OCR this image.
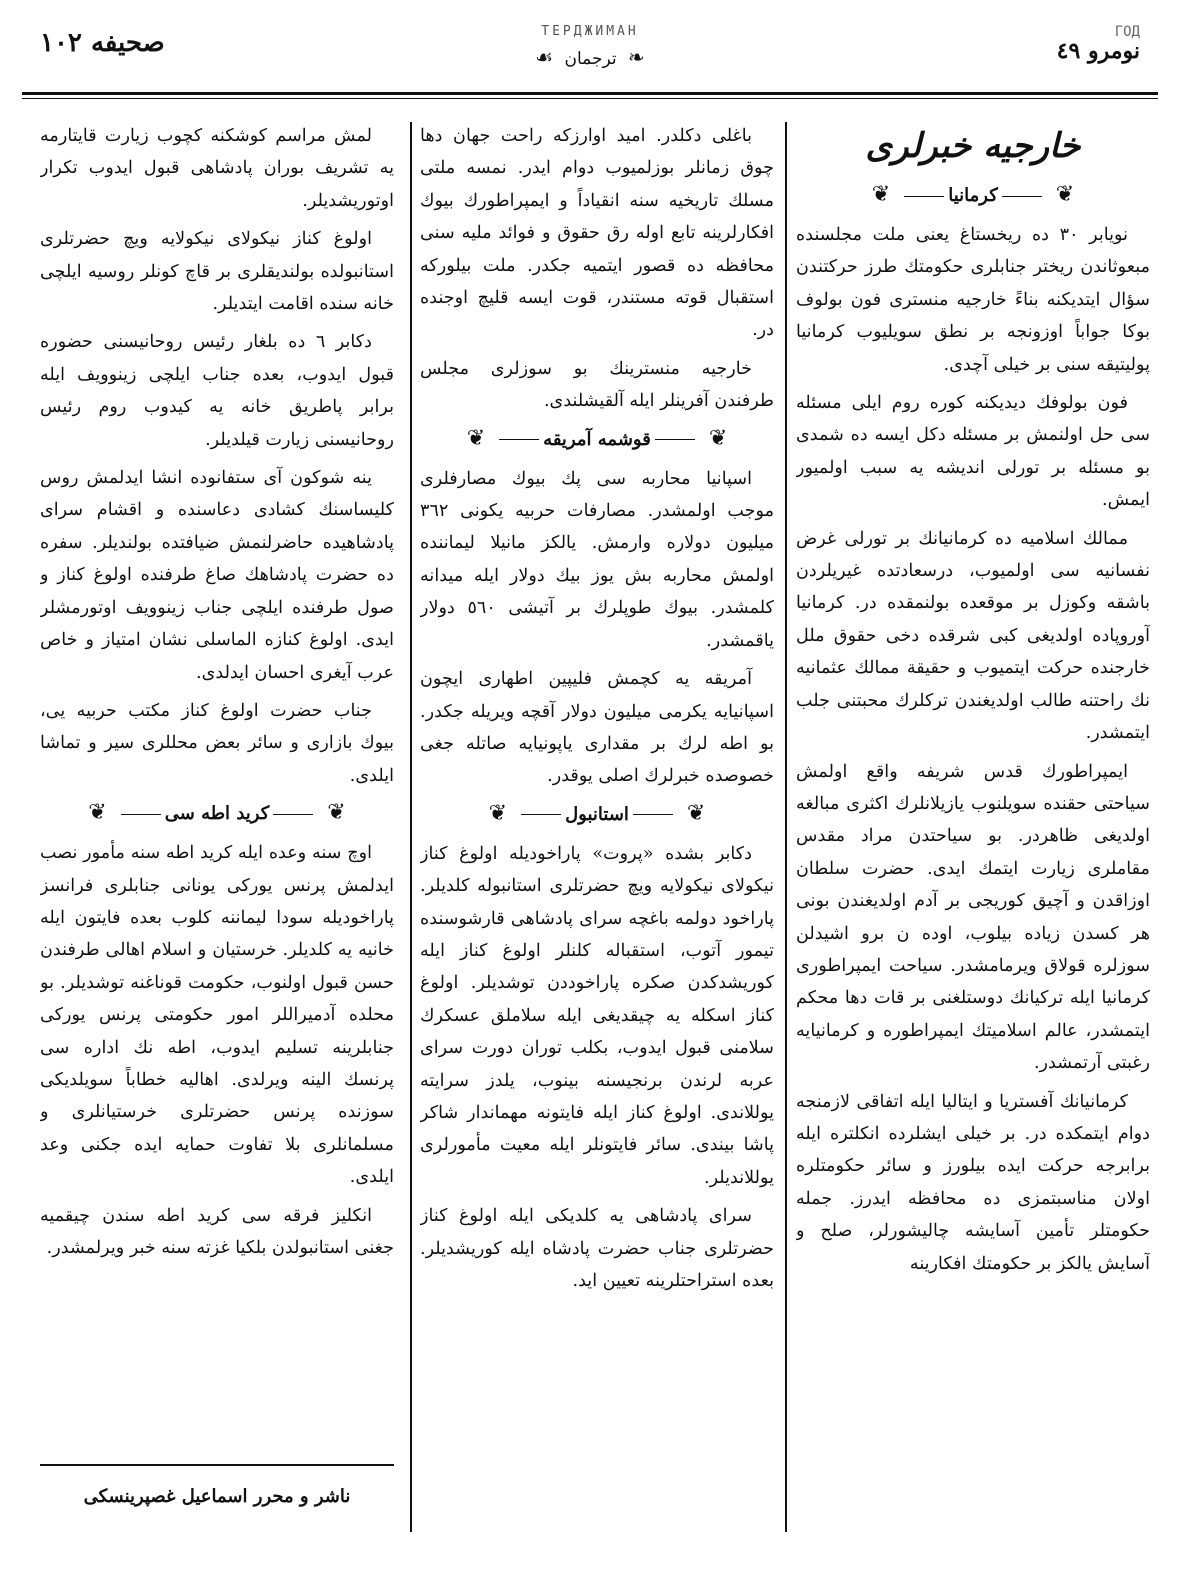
صحيفه ١٠٢	ТЕРДЖИМАН
❧ ترجمان ☙
ГОД
نومرو ٤٩
خارجيه خبرلرى
❦كرمانيا❦

نويابر ٣٠ ده ريخستاغ يعنى ملت مجلسنده مبعوثاندن ريختر جنابلرى حكومتك طرز حركتندن سؤال ايتديكنه بناءً خارجيه منسترى فون بولوف بوكا جواباً اوزونجه بر نطق سويليوب كرمانيا پوليتيقه سنى بر خيلى آچدى.

فون بولوفك ديديكنه كوره روم ايلى مسئله سى حل اولنمش بر مسئله دكل ايسه ده شمدى بو مسئله بر تورلى انديشه يه سبب اولميور ايمش.

ممالك اسلاميه ده كرمانيانك بر تورلى غرض نفسانيه سى اولميوب، درسعادتده غيريلردن باشقه وكوزل بر موقعده بولنمقده در. كرمانيا آوروپاده اولديغى كبى شرقده دخى حقوق ملل خارجنده حركت ايتميوب و حقيقة ممالك عثمانيه نك راحتنه طالب اولديغندن تركلرك محبتنى جلب ايتمشدر.

ايمپراطورك قدس شريفه واقع اولمش سياحتى حقنده سويلنوب يازيلانلرك اكثرى مبالغه اولديغى ظاهردر. بو سياحتدن مراد مقدس مقاملرى زيارت ايتمك ايدى. حضرت سلطان اوزاقدن و آچيق كوريجى بر آدم اولديغندن بونى هر كسدن زياده بيلوب، اوده ن برو اشيدلن سوزلره قولاق ويرمامشدر. سياحت ايمپراطورى كرمانيا ايله تركيانك دوستلغنى بر قات دها محكم ايتمشدر، عالم اسلاميتك ايمپراطوره و كرمانيايه رغبتى آرتمشدر.

كرمانيانك آفستريا و ايتاليا ايله اتفاقى لازمنجه دوام ايتمكده در. بر خيلى ايشلرده انكلتره ايله برابرجه حركت ايده بيلورز و سائر حكومتلره اولان مناسبتمزى ده محافظه ايدرز. جمله حكومتلر تأمين آسايشه چاليشورلر، صلح و آسايش يالكز بر حكومتك افكارينه

باغلى دكلدر. اميد اوارزكه راحت جهان دها چوق زمانلر بوزلميوب دوام ايدر. نمسه ملتى مسلك تاريخيه سنه انقياداً و ايمپراطورك بيوك افكارلرينه تابع اوله رق حقوق و فوائد مليه سنى محافظه ده قصور ايتميه جكدر. ملت بيلوركه استقبال قوته مستندر، قوت ايسه قليچ اوجنده در.

خارجيه منسترينك بو سوزلرى مجلس طرفندن آفرينلر ايله آلقيشلندى.

❦قوشمه آمريقه❦

اسپانيا محاربه سى پك بيوك مصارفلرى موجب اولمشدر. مصارفات حربيه يكونى ٣٦٢ ميليون دولاره وارمش. يالكز مانيلا ليماننده اولمش محاربه بش يوز بيك دولار ايله ميدانه كلمشدر. بيوك طوپلرك بر آتيشى ٥٦٠ دولار ياقمشدر.

آمريقه يه كچمش فليپين اطهارى ايچون اسپانيايه يكرمى ميليون دولار آقچه ويريله جكدر. بو اطه لرك بر مقدارى ياپونيايه صاتله جغى خصوصده خبرلرك اصلى يوقدر.

❦استانبول❦

دكابر بشده «پروت» پاراخوديله اولوغ كناز نيكولاى نيكولايه ويچ حضرتلرى استانبوله كلديلر. پاراخود دولمه باغچه سراى پادشاهى قارشوسنده تيمور آتوب، استقباله كلنلر اولوغ كناز ايله كوريشدكدن صكره پاراخوددن توشديلر. اولوغ كناز اسكله يه چيقديغى ايله سلاملق عسكرك سلامنى قبول ايدوب، بكلب توران دورت سراى عربه لرندن برنجيسنه بينوب، يلدز سرايته يوللاندى. اولوغ كناز ايله فايتونه مهماندار شاكر پاشا بيندى. سائر فايتونلر ايله معيت مأمورلرى يوللانديلر.

سراى پادشاهى يه كلديكى ايله اولوغ كناز حضرتلرى جناب حضرت پادشاه ايله كوريشديلر. بعده استراحتلرينه تعيين ايد.

لمش مراسم كوشكنه كچوب زيارت قايتارمه يه تشريف بوران پادشاهى قبول ايدوب تكرار اوتوريشديلر.

اولوغ كناز نيكولاى نيكولايه ويچ حضرتلرى استانبولده بولنديقلرى بر قاچ كونلر روسيه ايلچى خانه سنده اقامت ايتديلر.

دكابر ٦ ده بلغار رئيس روحانيسنى حضوره قبول ايدوب، بعده جناب ايلچى زينوويف ايله برابر پاطريق خانه يه كيدوب روم رئيس روحانيسنى زيارت قيلديلر.

ينه شوكون آى ستفانوده انشا ايدلمش روس كليساسنك كشادى دعاسنده و اقشام سراى پادشاهيده حاضرلنمش ضيافتده بولنديلر. سفره ده حضرت پادشاهك صاغ طرفنده اولوغ كناز و صول طرفنده ايلچى جناب زينوويف اوتورمشلر ايدى. اولوغ كنازه الماسلى نشان امتياز و خاص عرب آيغرى احسان ايدلدى.

جناب حضرت اولوغ كناز مكتب حربيه يى، بيوك بازارى و سائر بعض محللرى سير و تماشا ايلدى.

❦كريد اطه سى❦

اوچ سنه وعده ايله كريد اطه سنه مأمور نصب ايدلمش پرنس يوركى يونانى جنابلرى فرانسز پاراخوديله سودا ليماننه كلوب بعده فايتون ايله خانيه يه كلديلر. خرستيان و اسلام اهالى طرفندن حسن قبول اولنوب، حكومت قوناغنه توشديلر. بو محلده آدميراللر امور حكومتى پرنس يوركى جنابلرينه تسليم ايدوب، اطه نك اداره سى پرنسك الينه ويرلدى. اهاليه خطاباً سويلديكى سوزنده پرنس حضرتلرى خرستيانلرى و مسلمانلرى بلا تفاوت حمايه ايده جكنى وعد ايلدى.

انكليز فرقه سى كريد اطه سندن چيقميه جغنى استانبولدن بلكيا غزته سنه خبر ويرلمشدر.

ناشر و محرر اسماعيل غصپرينسكى
